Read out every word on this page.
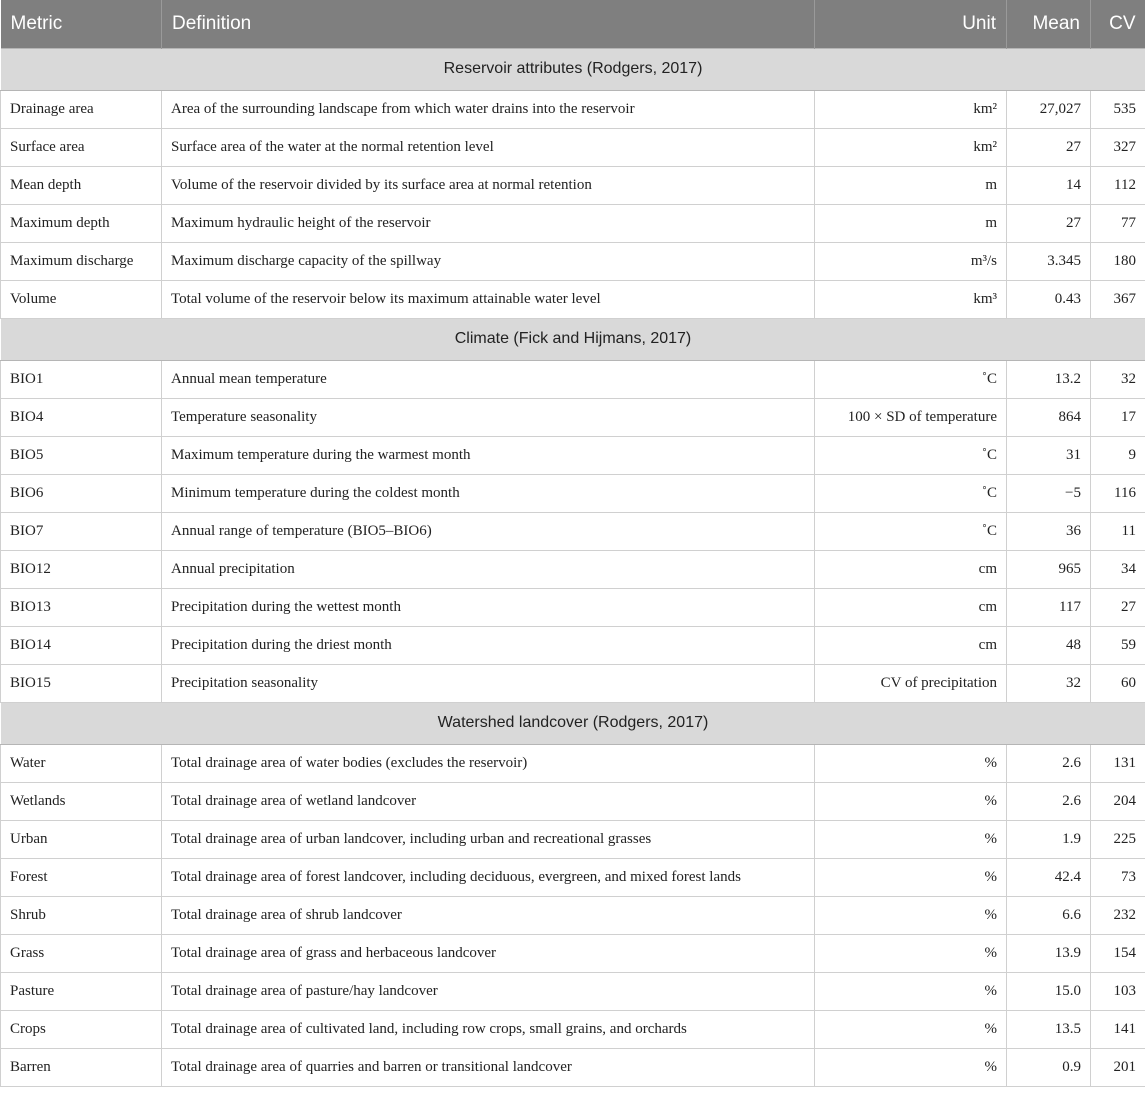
Metric	Definition	Unit	Mean	CV
Reservoir attributes (Rodgers, 2017)				
Drainage area	Area of the surrounding landscape from which water drains into the reservoir	km²	27,027	535
Surface area	Surface area of the water at the normal retention level	km²	27	327
Mean depth	Volume of the reservoir divided by its surface area at normal retention	m	14	112
Maximum depth	Maximum hydraulic height of the reservoir	m	27	77
Maximum discharge	Maximum discharge capacity of the spillway	m³/s	3.345	180
Volume	Total volume of the reservoir below its maximum attainable water level	km³	0.43	367
Climate (Fick and Hijmans, 2017)				
BIO1	Annual mean temperature	˚C	13.2	32
BIO4	Temperature seasonality	100 × SD of temperature	864	17
BIO5	Maximum temperature during the warmest month	˚C	31	9
BIO6	Minimum temperature during the coldest month	˚C	−5	116
BIO7	Annual range of temperature (BIO5–BIO6)	˚C	36	11
BIO12	Annual precipitation	cm	965	34
BIO13	Precipitation during the wettest month	cm	117	27
BIO14	Precipitation during the driest month	cm	48	59
BIO15	Precipitation seasonality	CV of precipitation	32	60
Watershed landcover (Rodgers, 2017)				
Water	Total drainage area of water bodies (excludes the reservoir)	%	2.6	131
Wetlands	Total drainage area of wetland landcover	%	2.6	204
Urban	Total drainage area of urban landcover, including urban and recreational grasses	%	1.9	225
Forest	Total drainage area of forest landcover, including deciduous, evergreen, and mixed forest lands	%	42.4	73
Shrub	Total drainage area of shrub landcover	%	6.6	232
Grass	Total drainage area of grass and herbaceous landcover	%	13.9	154
Pasture	Total drainage area of pasture/hay landcover	%	15.0	103
Crops	Total drainage area of cultivated land, including row crops, small grains, and orchards	%	13.5	141
Barren	Total drainage area of quarries and barren or transitional landcover	%	0.9	201
